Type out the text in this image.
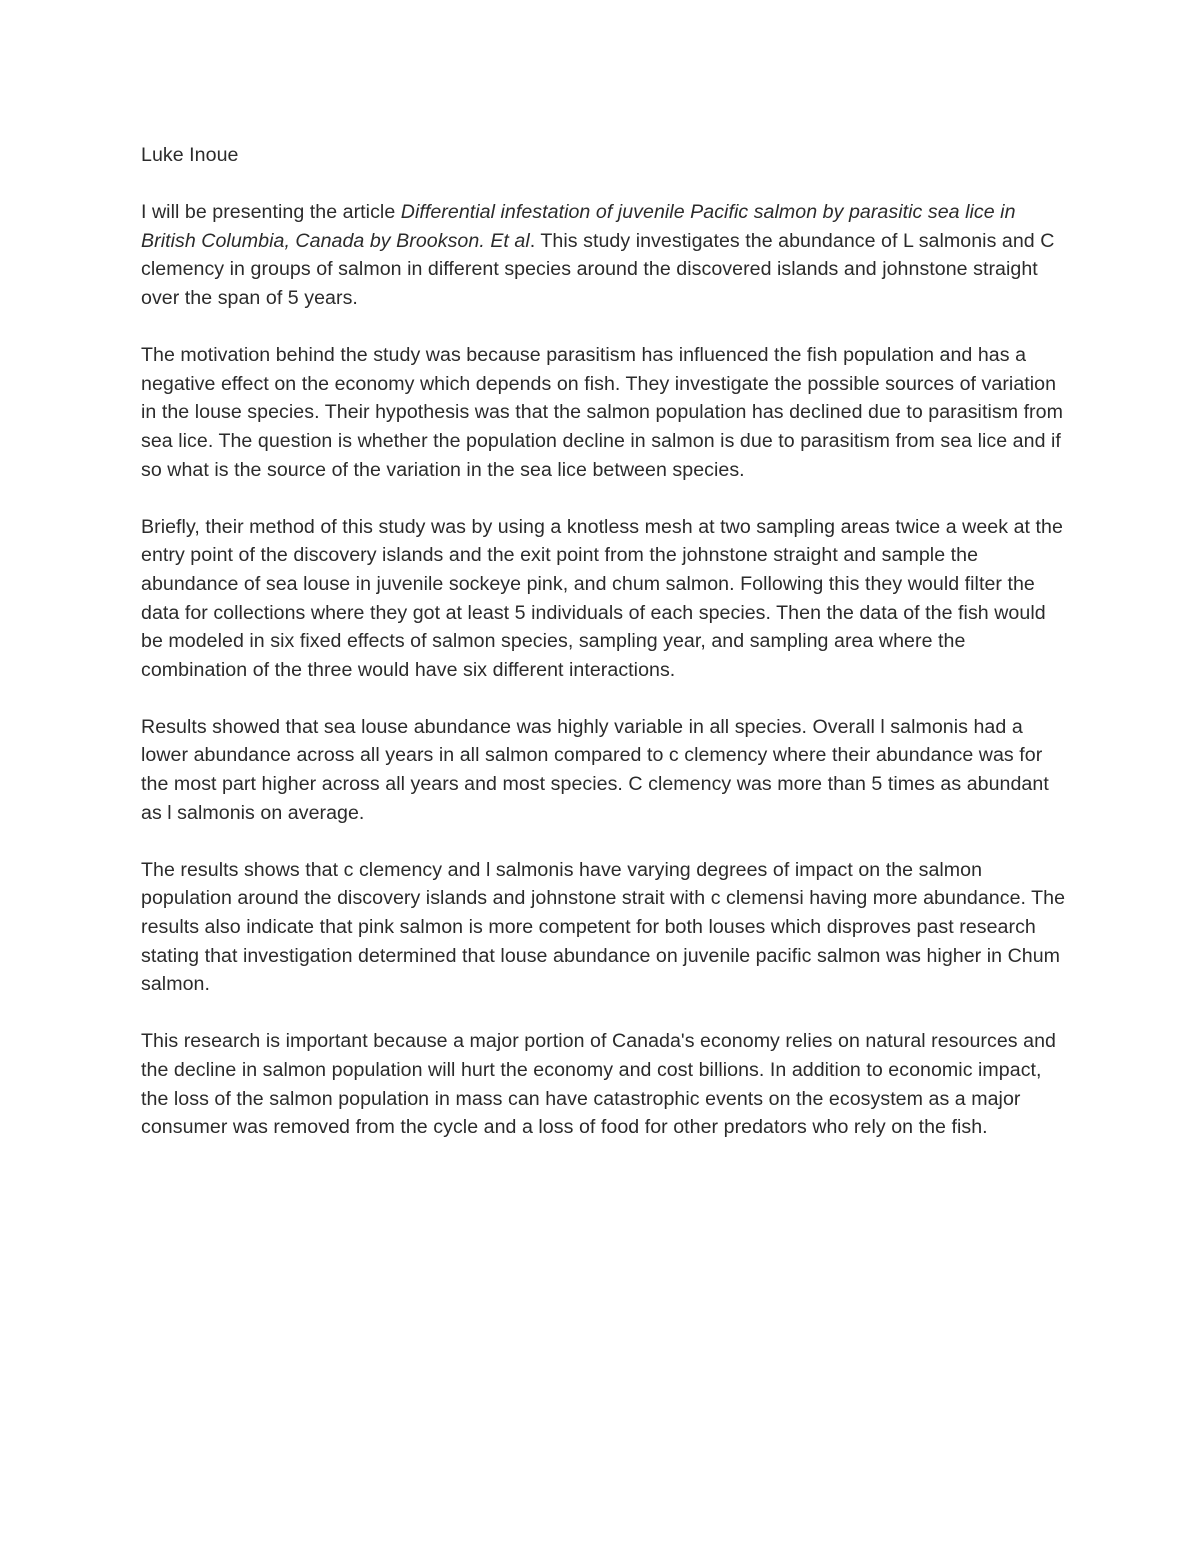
Luke Inoue

I will be presenting the article Differential infestation of juvenile Pacific salmon by parasitic sea lice in British Columbia, Canada by Brookson. Et al. This study investigates the abundance of L salmonis and C clemency in groups of salmon in different species around the discovered islands and johnstone straight over the span of 5 years.

The motivation behind the study was because parasitism has influenced the fish population and has a negative effect on the economy which depends on fish. They investigate the possible sources of variation in the louse species. Their hypothesis was that the salmon population has declined due to parasitism from sea lice. The question is whether the population decline in salmon is due to parasitism from sea lice and if so what is the source of the variation in the sea lice between species.

Briefly, their method of this study was by using a knotless mesh at two sampling areas twice a week at the entry point of the discovery islands and the exit point from the johnstone straight and sample the abundance of sea louse in juvenile sockeye pink, and chum salmon. Following this they would filter the data for collections where they got at least 5 individuals of each species. Then the data of the fish would be modeled in six fixed effects of salmon species, sampling year, and sampling area where the combination of the three would have six different interactions.

Results showed that sea louse abundance was highly variable in all species. Overall l salmonis had a lower abundance across all years in all salmon compared to c clemency where their abundance was for the most part higher across all years and most species. C clemency was more than 5 times as abundant as l salmonis on average.

The results shows that c clemency and l salmonis have varying degrees of impact on the salmon population around the discovery islands and johnstone strait with c clemensi having more abundance. The results also indicate that pink salmon is more competent for both louses which disproves past research stating that investigation determined that louse abundance on juvenile pacific salmon was higher in Chum salmon.

This research is important because a major portion of Canada's economy relies on natural resources and the decline in salmon population will hurt the economy and cost billions. In addition to economic impact, the loss of the salmon population in mass can have catastrophic events on the ecosystem as a major consumer was removed from the cycle and a loss of food for other predators who rely on the fish.
